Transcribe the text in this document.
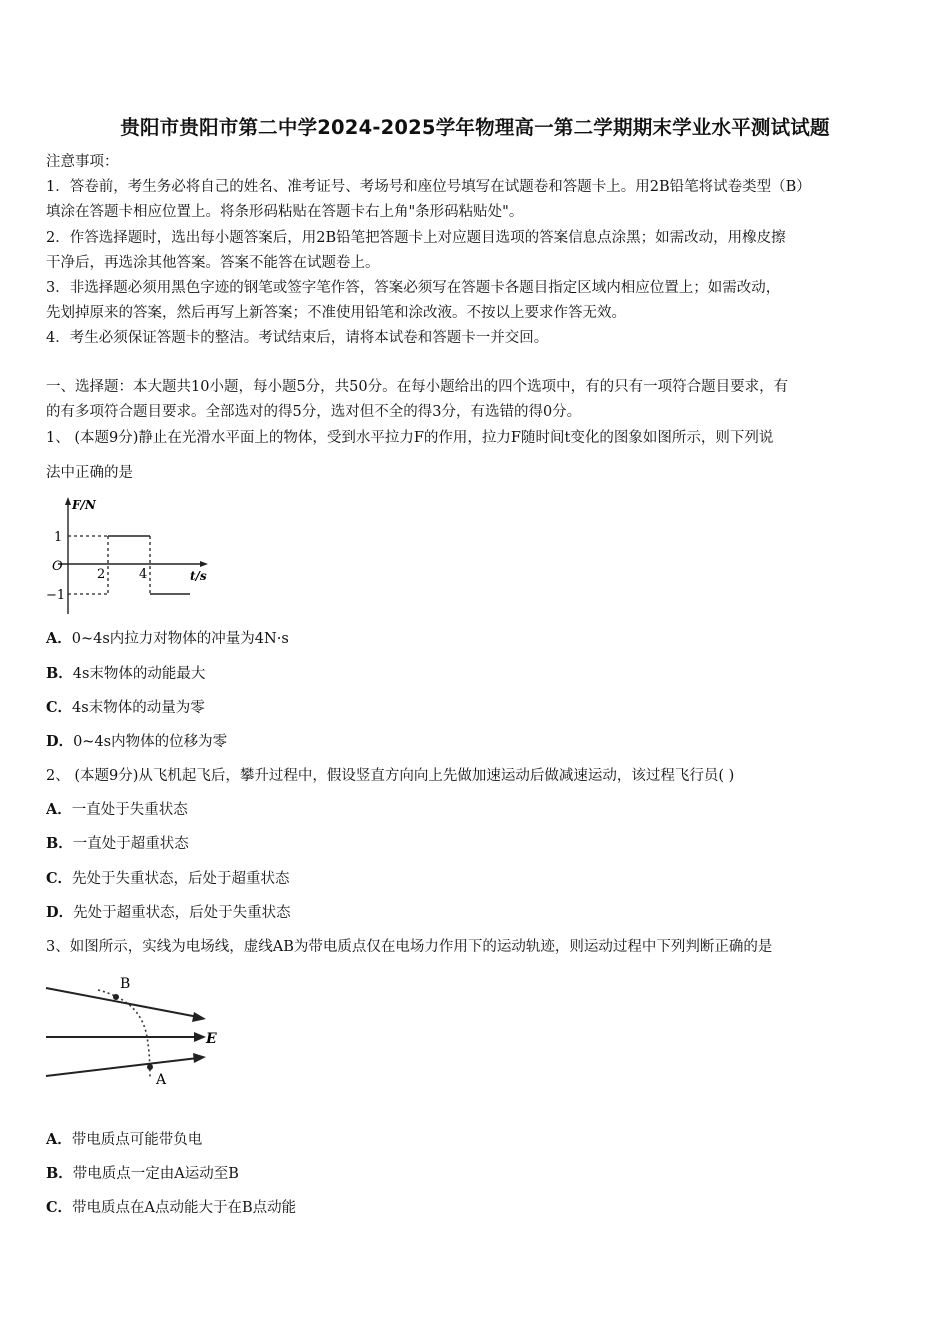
贵阳市贵阳市第二中学2024-2025学年物理高一第二学期期末学业水平测试试题
注意事项：
1．答卷前，考生务必将自己的姓名、准考证号、考场号和座位号填写在试题卷和答题卡上。用2B铅笔将试卷类型（B）
填涂在答题卡相应位置上。将条形码粘贴在答题卡右上角"条形码粘贴处"。
2．作答选择题时，选出每小题答案后，用2B铅笔把答题卡上对应题目选项的答案信息点涂黑；如需改动，用橡皮擦
干净后，再选涂其他答案。答案不能答在试题卷上。
3．非选择题必须用黑色字迹的钢笔或签字笔作答，答案必须写在答题卡各题目指定区域内相应位置上；如需改动，
先划掉原来的答案，然后再写上新答案；不准使用铅笔和涂改液。不按以上要求作答无效。
4．考生必须保证答题卡的整洁。考试结束后，请将本试卷和答题卡一并交回。
一、选择题：本大题共10小题，每小题5分，共50分。在每小题给出的四个选项中，有的只有一项符合题目要求，有
的有多项符合题目要求。全部选对的得5分，选对但不全的得3分，有选错的得0分。
1、 (本题9分)静止在光滑水平面上的物体，受到水平拉力F的作用，拉力F随时间t变化的图象如图所示，则下列说
法中正确的是
F/N
t/s
O
1
−1
2	4
A．0~4s内拉力对物体的冲量为4N·s
B．4s末物体的动能最大
C．4s末物体的动量为零
D．0~4s内物体的位移为零
2、 (本题9分)从飞机起飞后，攀升过程中，假设竖直方向向上先做加速运动后做减速运动，该过程飞行员( )
A．一直处于失重状态
B．一直处于超重状态
C．先处于失重状态，后处于超重状态
D．先处于超重状态，后处于失重状态
3、如图所示，实线为电场线，虚线AB为带电质点仅在电场力作用下的运动轨迹，则运动过程中下列判断正确的是
B
A
E
A．带电质点可能带负电
B．带电质点一定由A运动至B
C．带电质点在A点动能大于在B点动能
